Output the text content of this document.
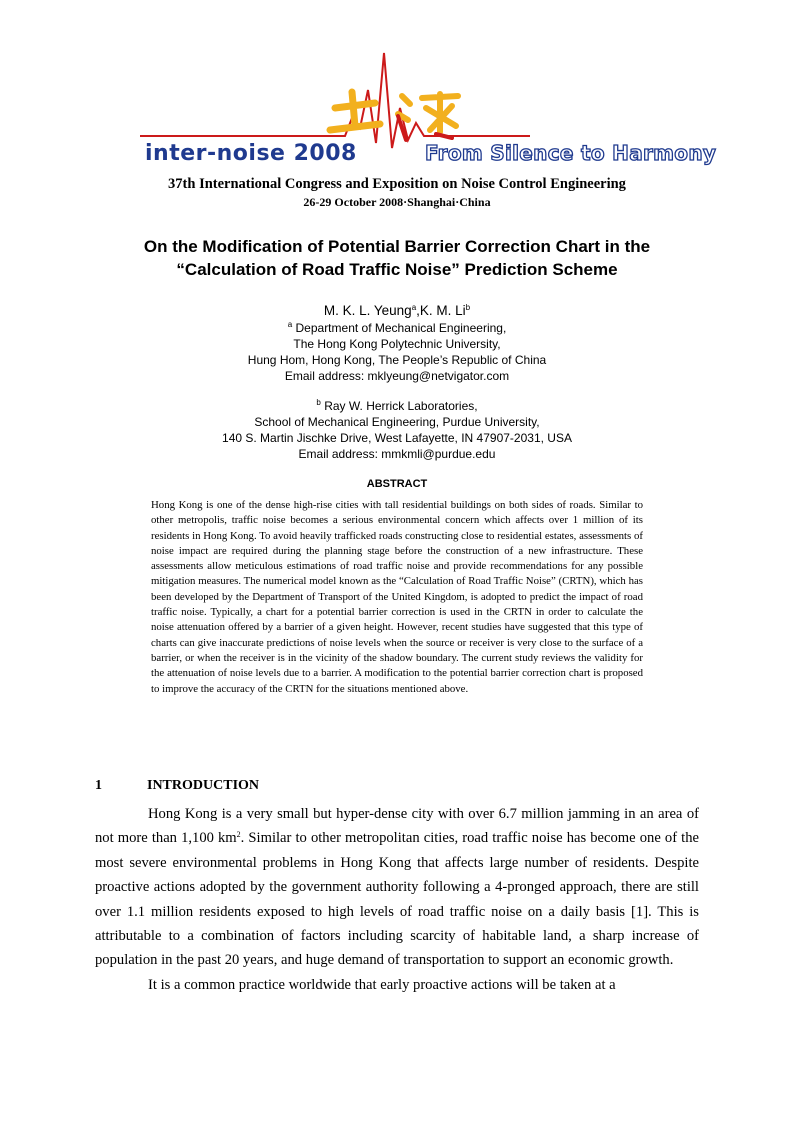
inter-noise 2008	From Silence to Harmony
37th International Congress and Exposition on Noise Control Engineering
26-29 October 2008·Shanghai·China
On the Modification of Potential Barrier Correction Chart in the
“Calculation of Road Traffic Noise” Prediction Scheme
M. K. L. Yeung$^a$,K. M. Li$^b$
$^a$ Department of Mechanical Engineering,
The Hong Kong Polytechnic University,
Hung Hom, Hong Kong, The People’s Republic of China
Email address: mklyeung@netvigator.com
$^b$ Ray W. Herrick Laboratories,
School of Mechanical Engineering, Purdue University,
140 S. Martin Jischke Drive, West Lafayette, IN 47907-2031, USA
Email address: mmkmli@purdue.edu
ABSTRACT
Hong Kong is one of the dense high-rise cities with tall residential buildings on both sides of roads. Similar to other metropolis, traffic noise becomes a serious environmental concern which affects over 1 million of its residents in Hong Kong. To avoid heavily trafficked roads constructing close to residential estates, assessments of noise impact are required during the planning stage before the construction of a new infrastructure. These assessments allow meticulous estimations of road traffic noise and provide recommendations for any possible mitigation measures. The numerical model known as the “Calculation of Road Traffic Noise” (CRTN), which has been developed by the Department of Transport of the United Kingdom, is adopted to predict the impact of road traffic noise. Typically, a chart for a potential barrier correction is used in the CRTN in order to calculate the noise attenuation offered by a barrier of a given height. However, recent studies have suggested that this type of charts can give inaccurate predictions of noise levels when the source or receiver is very close to the surface of a barrier, or when the receiver is in the vicinity of the shadow boundary. The current study reviews the validity for the attenuation of noise levels due to a barrier. A modification to the potential barrier correction chart is proposed to improve the accuracy of the CRTN for the situations mentioned above.
1	INTRODUCTION

Hong Kong is a very small but hyper-dense city with over 6.7 million jamming in an area of not more than 1,100 $km^2$. Similar to other metropolitan cities, road traffic noise has become one of the most severe environmental problems in Hong Kong that affects large number of residents. Despite proactive actions adopted by the government authority following a 4-pronged approach, there are still over 1.1 million residents exposed to high levels of road traffic noise on a daily basis [1]. This is attributable to a combination of factors including scarcity of habitable land, a sharp increase of population in the past 20 years, and huge demand of transportation to support an economic growth.

It is a common practice worldwide that early proactive actions will be taken at a
